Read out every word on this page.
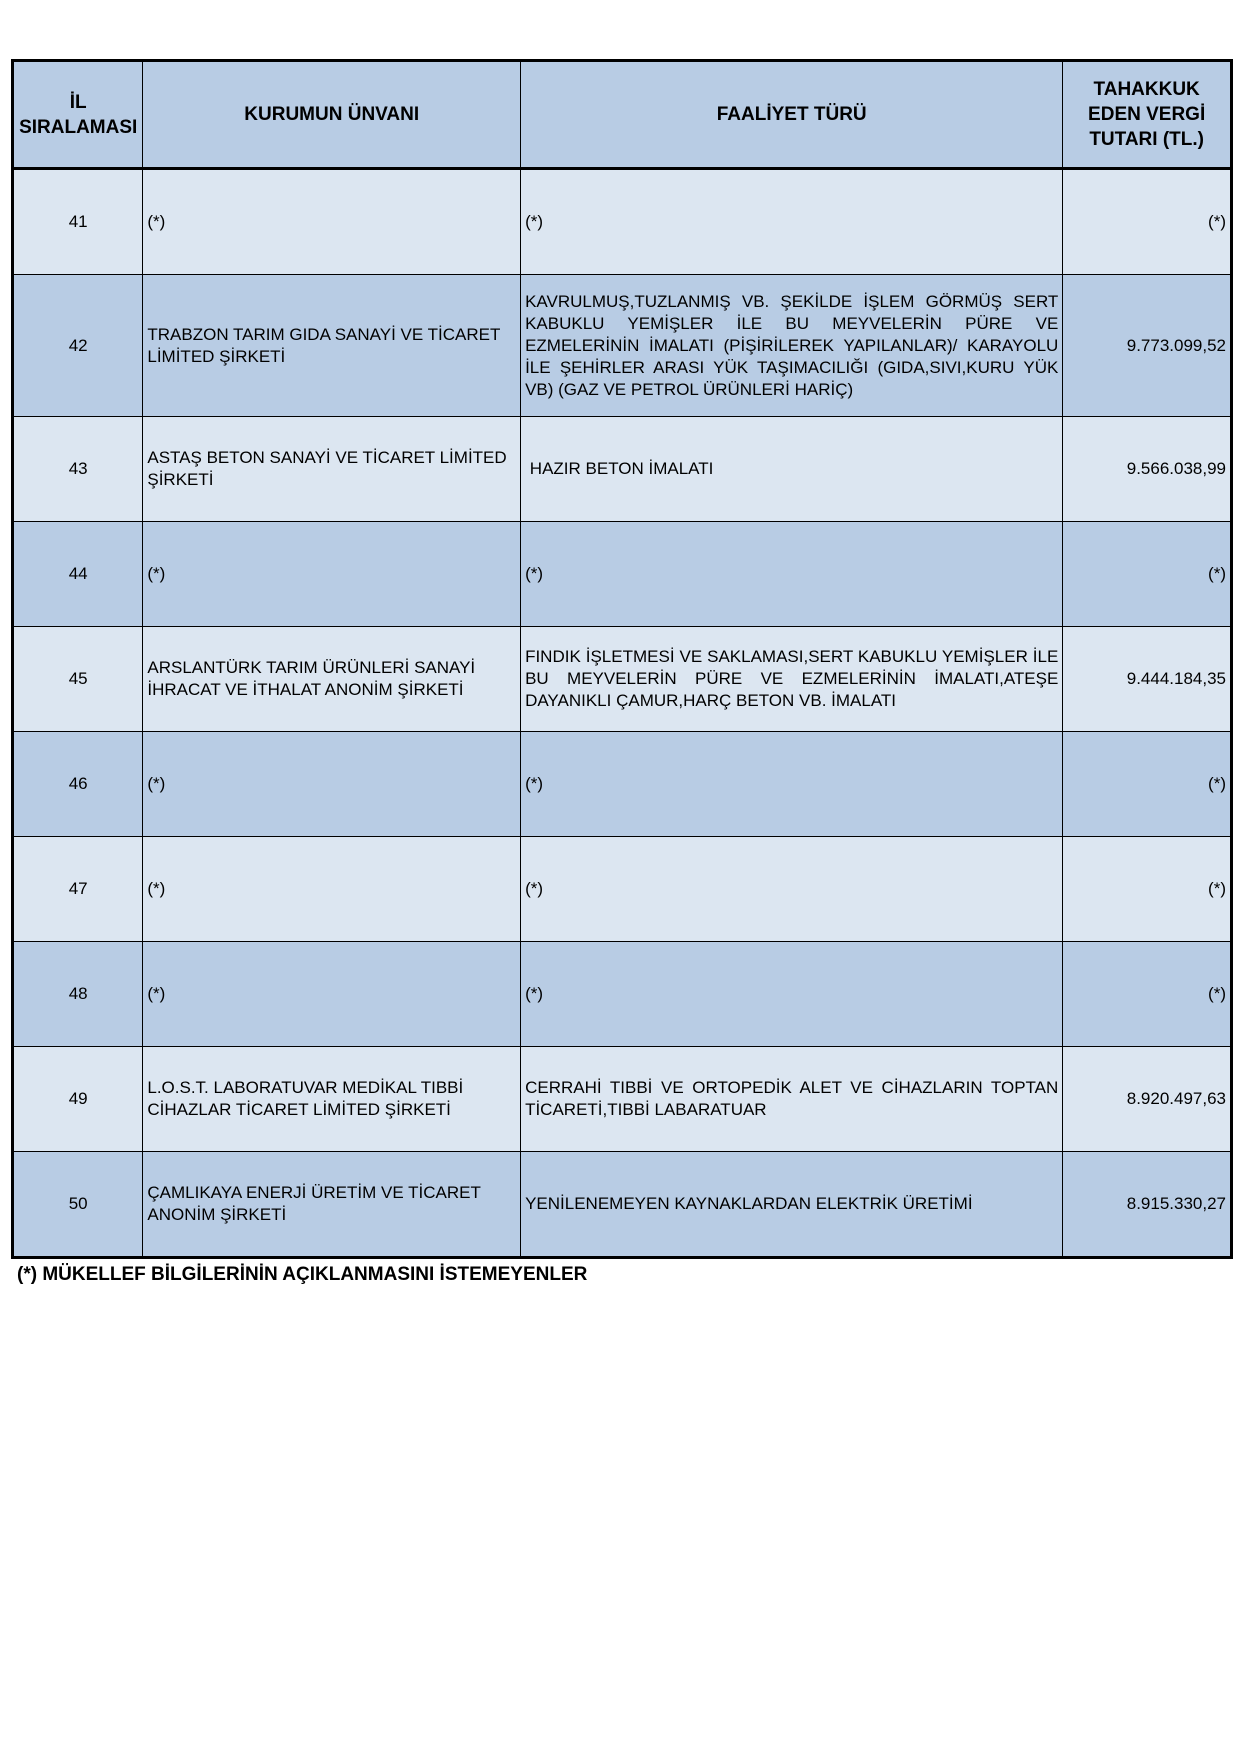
İL SIRALAMASI	KURUMUN ÜNVANI	FAALİYET TÜRÜ	TAHAKKUK EDEN VERGİ TUTARI (TL.)
41	(*)	(*)	(*)
42	TRABZON TARIM GIDA SANAYİ VE TİCARET LİMİTED ŞİRKETİ	KAVRULMUŞ,TUZLANMIŞ VB. ŞEKİLDE İŞLEM GÖRMÜŞ SERT KABUKLU YEMİŞLER İLE BU MEYVELERİN PÜRE VE EZMELERİNİN İMALATI (PİŞİRİLEREK YAPILANLAR)/ KARAYOLU İLE ŞEHİRLER ARASI YÜK TAŞIMACILIĞI (GIDA,SIVI,KURU YÜK VB) (GAZ VE PETROL ÜRÜNLERİ HARİÇ)	9.773.099,52
43	ASTAŞ BETON SANAYİ VE TİCARET LİMİTED ŞİRKETİ	HAZIR BETON İMALATI	9.566.038,99
44	(*)	(*)	(*)
45	ARSLANTÜRK TARIM ÜRÜNLERİ SANAYİ İHRACAT VE İTHALAT ANONİM ŞİRKETİ	FINDIK İŞLETMESİ VE SAKLAMASI,SERT KABUKLU YEMİŞLER İLE BU MEYVELERİN PÜRE VE EZMELERİNİN İMALATI,ATEŞE DAYANIKLI ÇAMUR,HARÇ BETON VB. İMALATI	9.444.184,35
46	(*)	(*)	(*)
47	(*)	(*)	(*)
48	(*)	(*)	(*)
49	L.O.S.T. LABORATUVAR MEDİKAL TIBBİ CİHAZLAR TİCARET LİMİTED ŞİRKETİ	CERRAHİ TIBBİ VE ORTOPEDİK ALET VE CİHAZLARIN TOPTAN TİCARETİ,TIBBİ LABARATUAR	8.920.497,63
50	ÇAMLIKAYA ENERJİ ÜRETİM VE TİCARET ANONİM ŞİRKETİ	YENİLENEMEYEN KAYNAKLARDAN ELEKTRİK ÜRETİMİ	8.915.330,27
(*) MÜKELLEF BİLGİLERİNİN AÇIKLANMASINI İSTEMEYENLER
